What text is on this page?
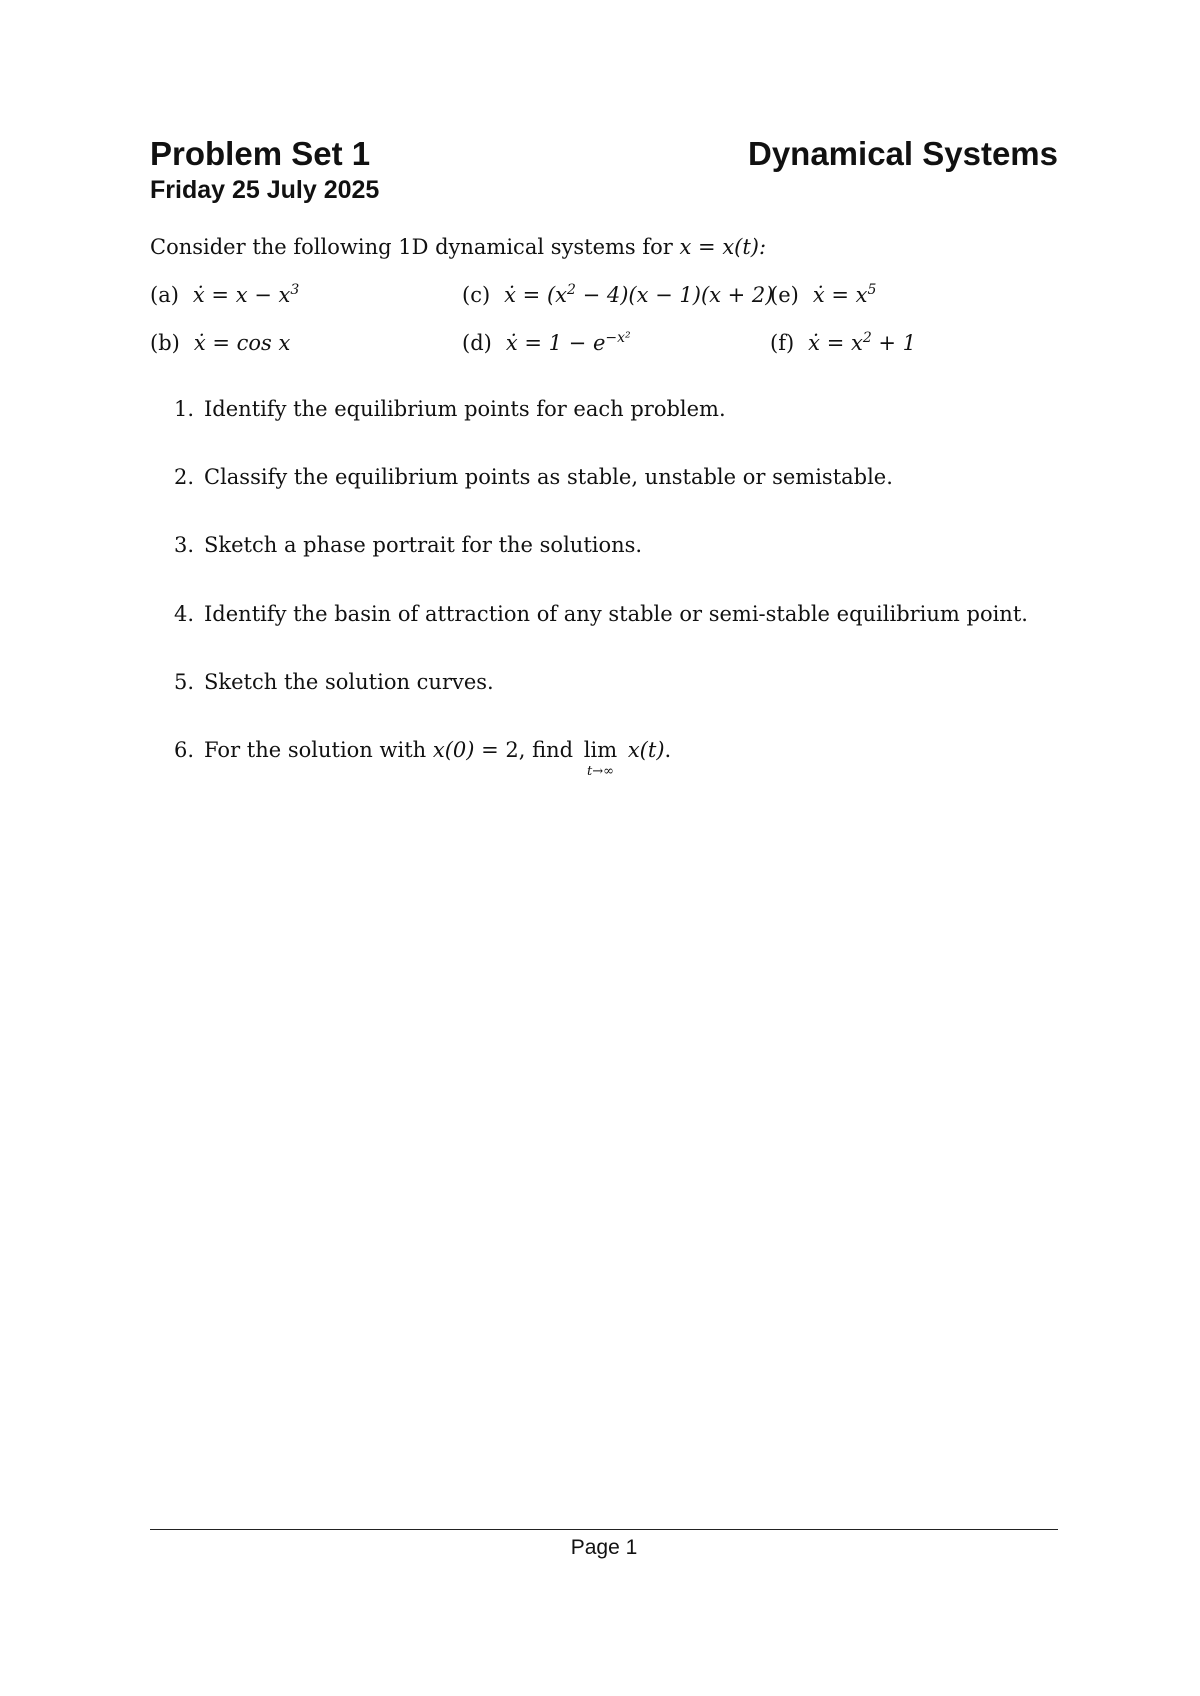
Problem Set 1	Dynamical Systems
Friday 25 July 2025
Consider the following 1D dynamical systems for x = x(t):
(a) ẋ = $x - x^3$
(b) ẋ = cos x
(c) ẋ = $(x^2 - 4)(x - 1)(x + 2)$
(d) ẋ = $1 - e^{-x^2}$
(e) ẋ = $x^5$
(f) ẋ = $x^2 + 1$
1. Identify the equilibrium points for each problem.
2. Classify the equilibrium points as stable, unstable or semistable.
3. Sketch a phase portrait for the solutions.
4. Identify the basin of attraction of any stable or semi-stable equilibrium point.
5. Sketch the solution curves.
6. For the solution with x(0) = 2, find lim
t→∞
x(t).
Page 1
